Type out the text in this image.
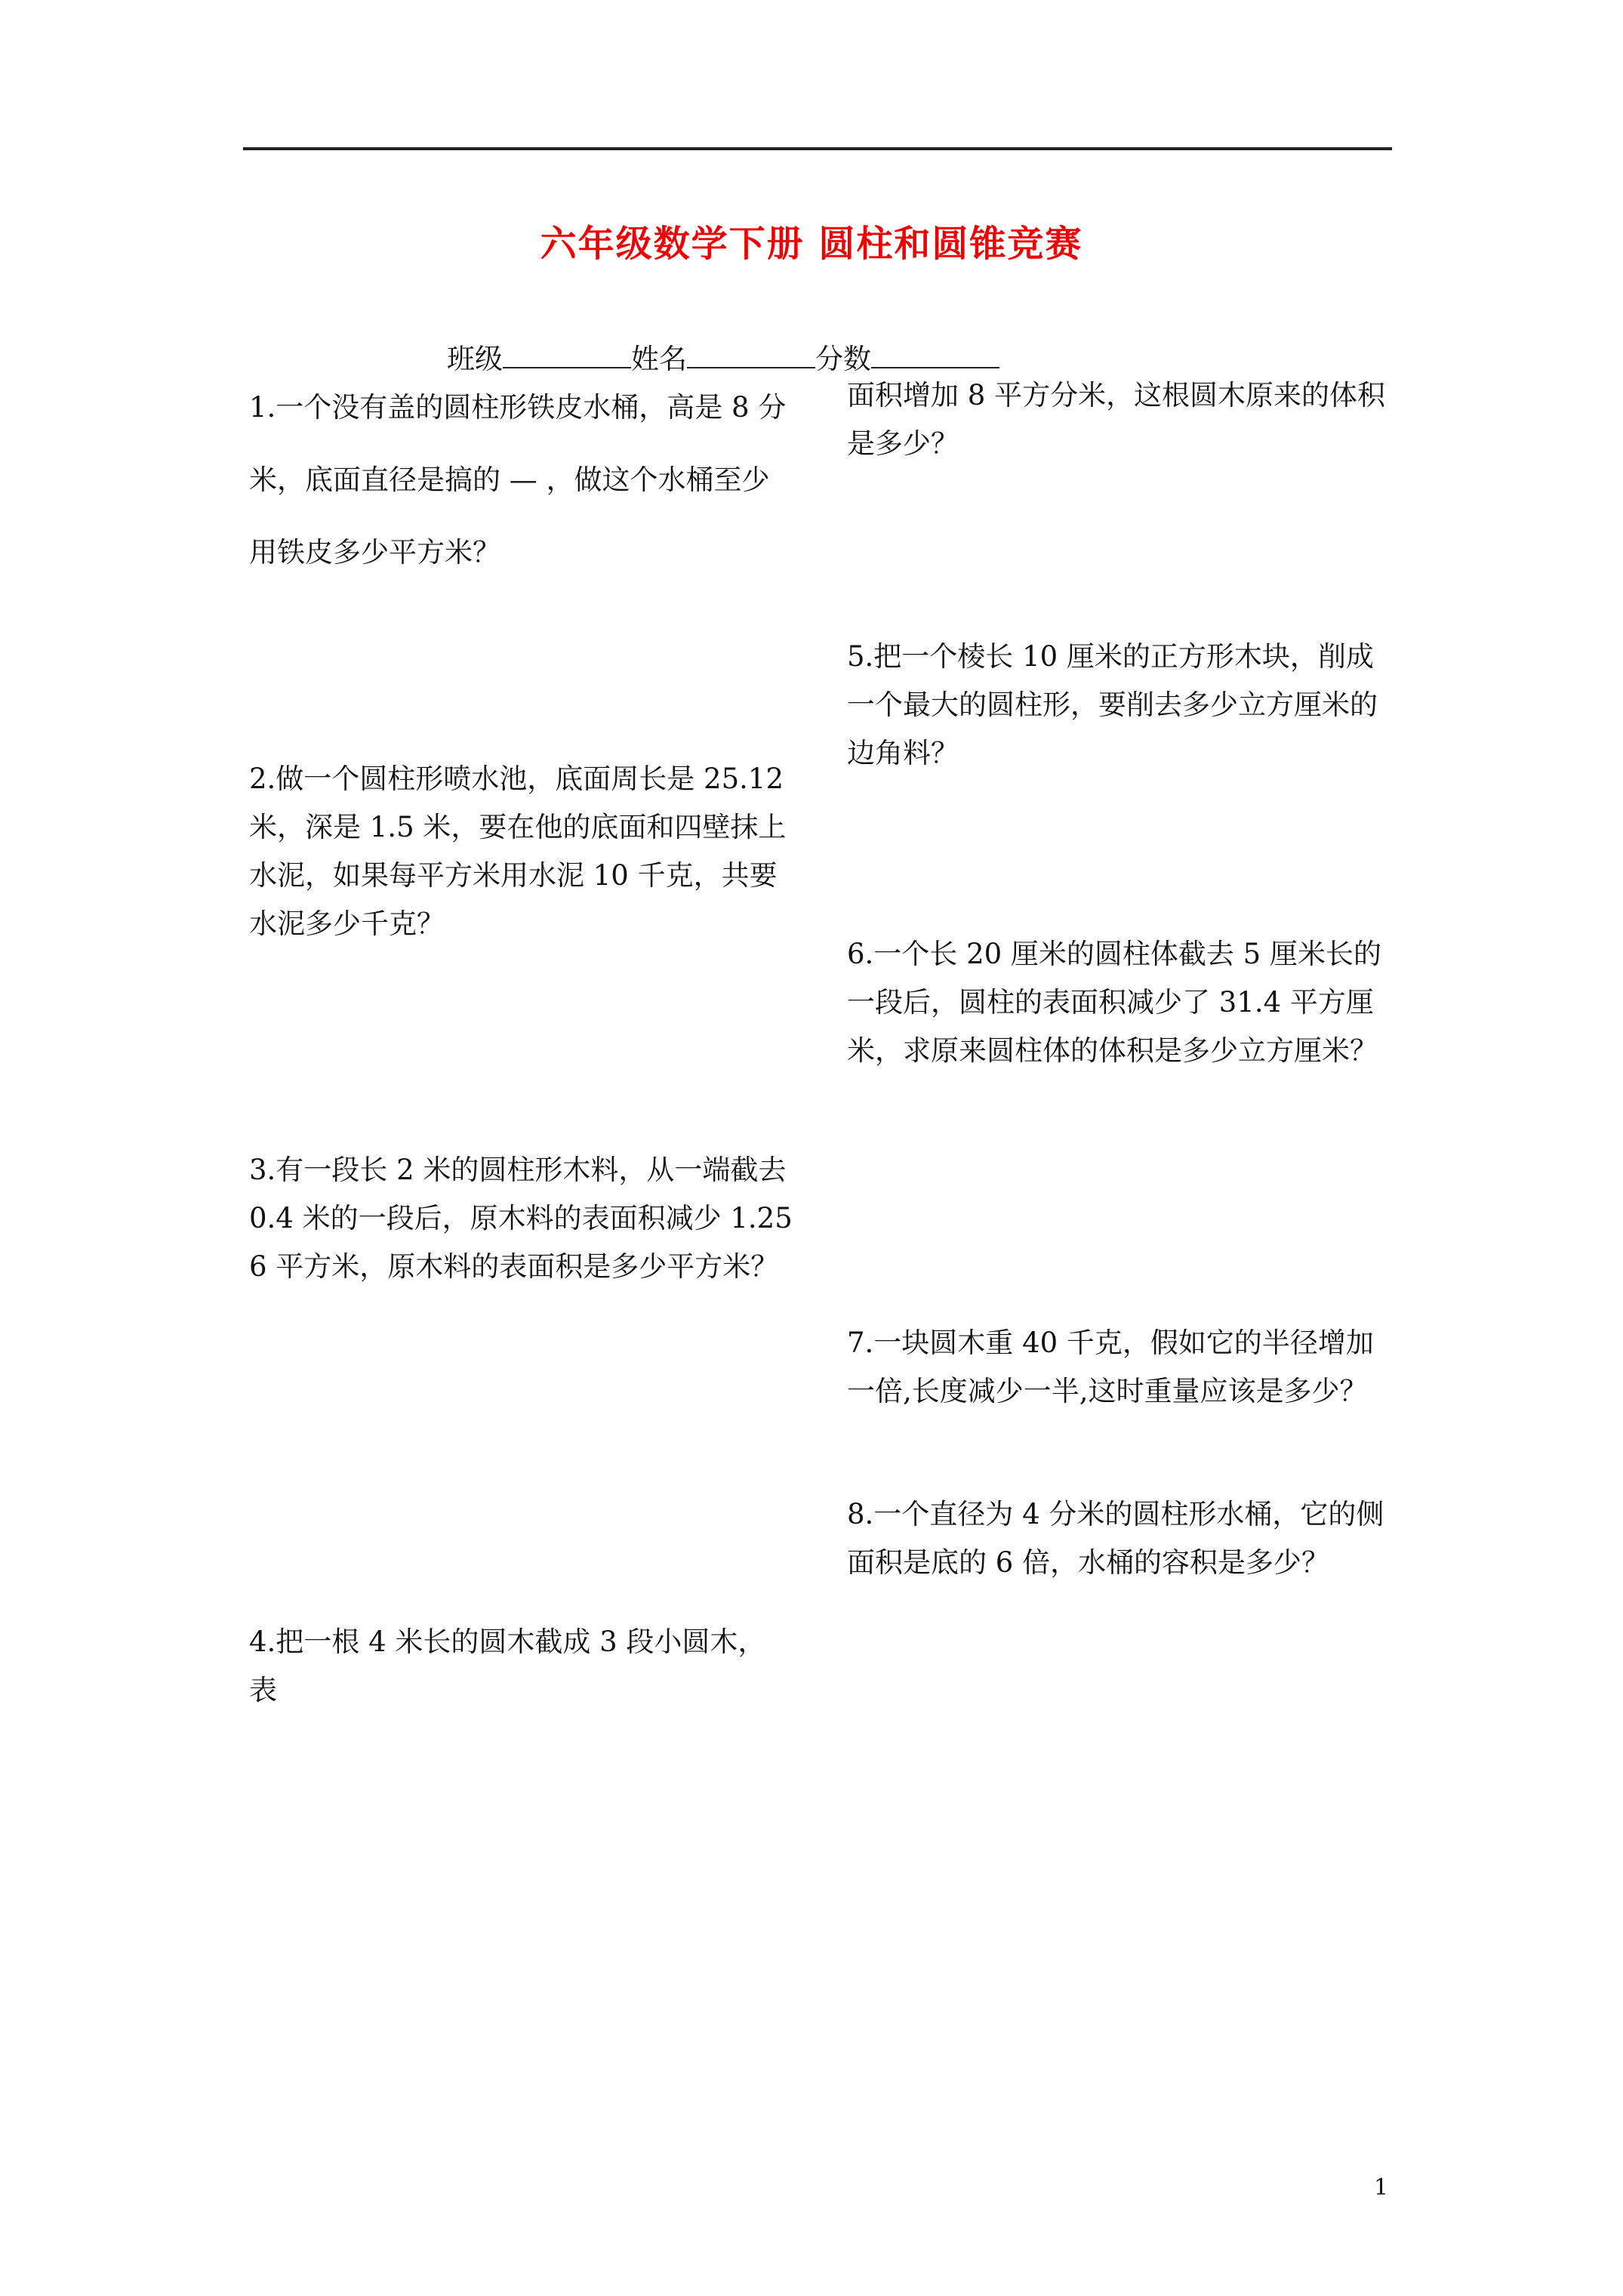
六年级数学下册 圆柱和圆锥竞赛
班级	姓名	分数
1.一个没有盖的圆柱形铁皮水桶，高是 8 分米，底面直径是搞的 — ，做这个水桶至少用铁皮多少平方米？
2.做一个圆柱形喷水池，底面周长是 25.12 米，深是 1.5 米，要在他的底面和四壁抹上水泥，如果每平方米用水泥 10 千克，共要水泥多少千克？
3.有一段长 2 米的圆柱形木料，从一端截去 0.4 米的一段后，原木料的表面积减少 1.256 平方米，原木料的表面积是多少平方米？
4.把一根 4 米长的圆木截成 3 段小圆木，表
面积增加 8 平方分米，这根圆木原来的体积是多少？
5.把一个棱长 10 厘米的正方形木块，削成一个最大的圆柱形，要削去多少立方厘米的边角料？
6.一个长 20 厘米的圆柱体截去 5 厘米长的一段后，圆柱的表面积减少了 31.4 平方厘米，求原来圆柱体的体积是多少立方厘米？
7.一块圆木重 40 千克，假如它的半径增加一倍,长度减少一半,这时重量应该是多少？
8.一个直径为 4 分米的圆柱形水桶，它的侧面积是底的 6 倍，水桶的容积是多少？
1
